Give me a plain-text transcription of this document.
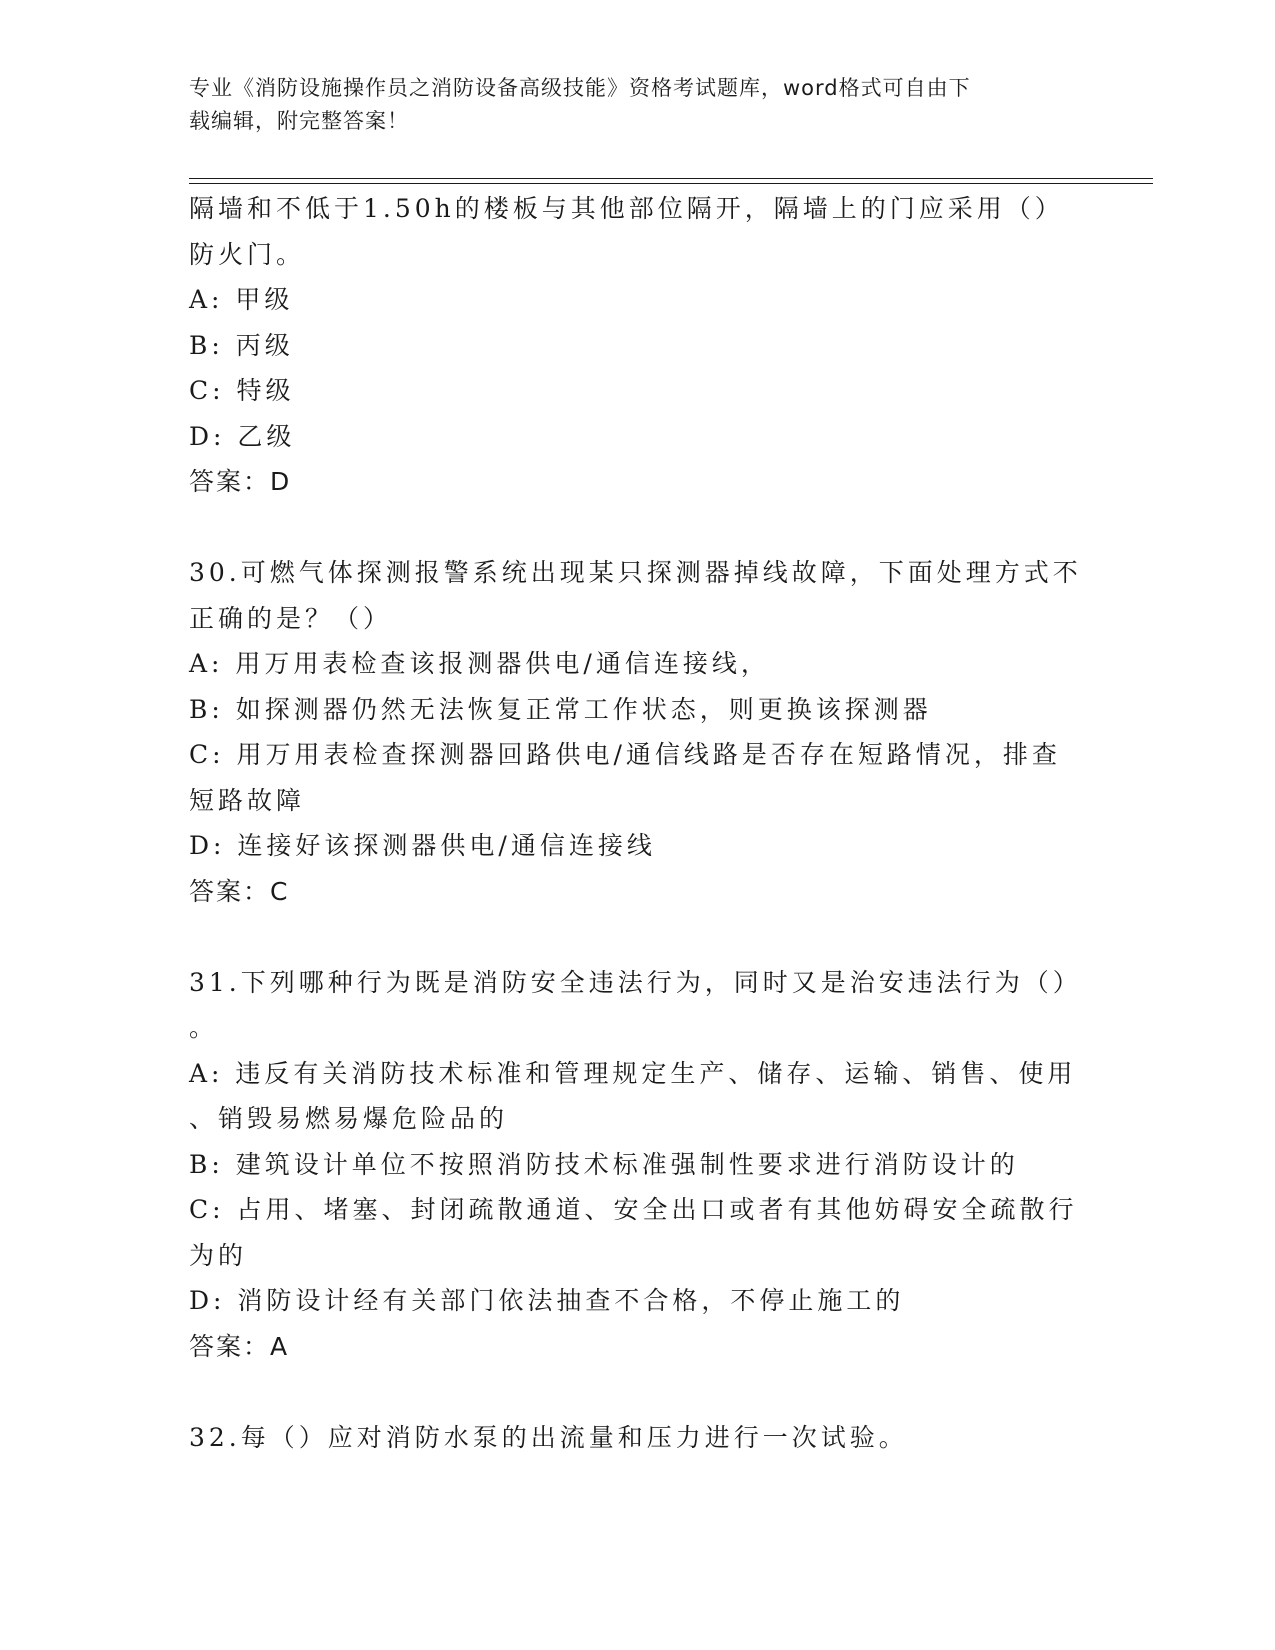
专业《消防设施操作员之消防设备高级技能》资格考试题库，word格式可自由下
载编辑，附完整答案！
隔墙和不低于1.50h的楼板与其他部位隔开，隔墙上的门应采用（）
防火门。
A: 甲级
B: 丙级
C: 特级
D: 乙级
答案：D
30.可燃气体探测报警系统出现某只探测器掉线故障，下面处理方式不
正确的是？（）
A: 用万用表检查该报测器供电/通信连接线，
B: 如探测器仍然无法恢复正常工作状态，则更换该探测器
C: 用万用表检查探测器回路供电/通信线路是否存在短路情况，排查
短路故障
D: 连接好该探测器供电/通信连接线
答案：C
31.下列哪种行为既是消防安全违法行为，同时又是治安违法行为（）
。
A: 违反有关消防技术标准和管理规定生产、储存、运输、销售、使用
、销毁易燃易爆危险品的
B: 建筑设计单位不按照消防技术标准强制性要求进行消防设计的
C: 占用、堵塞、封闭疏散通道、安全出口或者有其他妨碍安全疏散行
为的
D: 消防设计经有关部门依法抽查不合格，不停止施工的
答案：A
32.每（）应对消防水泵的出流量和压力进行一次试验。
